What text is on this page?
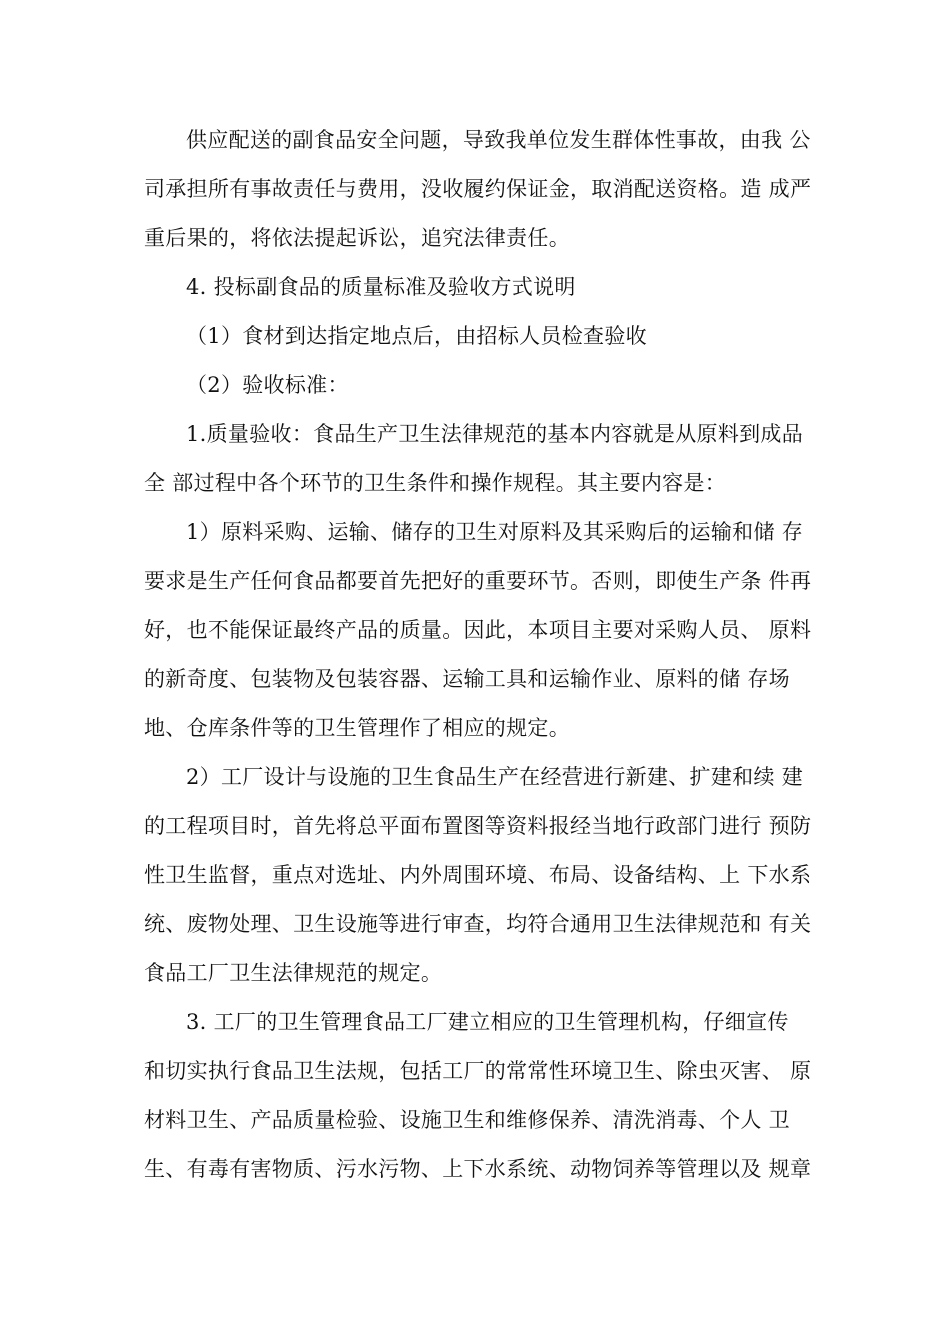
供应配送的副食品安全问题，导致我单位发生群体性事故，由我 公
司承担所有事故责任与费用，没收履约保证金，取消配送资格。造 成严
重后果的，将依法提起诉讼，追究法律责任。

4. 投标副食品的质量标准及验收方式说明

（1）食材到达指定地点后，由招标人员检查验收

（2）验收标准：

1.质量验收：食品生产卫生法律规范的基本内容就是从原料到成品
全 部过程中各个环节的卫生条件和操作规程。其主要内容是：

1）原料采购、运输、储存的卫生对原料及其采购后的运输和储 存
要求是生产任何食品都要首先把好的重要环节。否则，即使生产条 件再
好，也不能保证最终产品的质量。因此，本项目主要对采购人员、 原料
的新奇度、包装物及包装容器、运输工具和运输作业、原料的储 存场
地、仓库条件等的卫生管理作了相应的规定。

2）工厂设计与设施的卫生食品生产在经营进行新建、扩建和续 建
的工程项目时，首先将总平面布置图等资料报经当地行政部门进行 预防
性卫生监督，重点对选址、内外周围环境、布局、设备结构、上 下水系
统、废物处理、卫生设施等进行审查，均符合通用卫生法律规范和 有关
食品工厂卫生法律规范的规定。

3. 工厂的卫生管理食品工厂建立相应的卫生管理机构，仔细宣传
和切实执行食品卫生法规，包括工厂的常常性环境卫生、除虫灭害、 原
材料卫生、产品质量检验、设施卫生和维修保养、清洗消毒、个人 卫
生、有毒有害物质、污水污物、上下水系统、动物饲养等管理以及 规章
